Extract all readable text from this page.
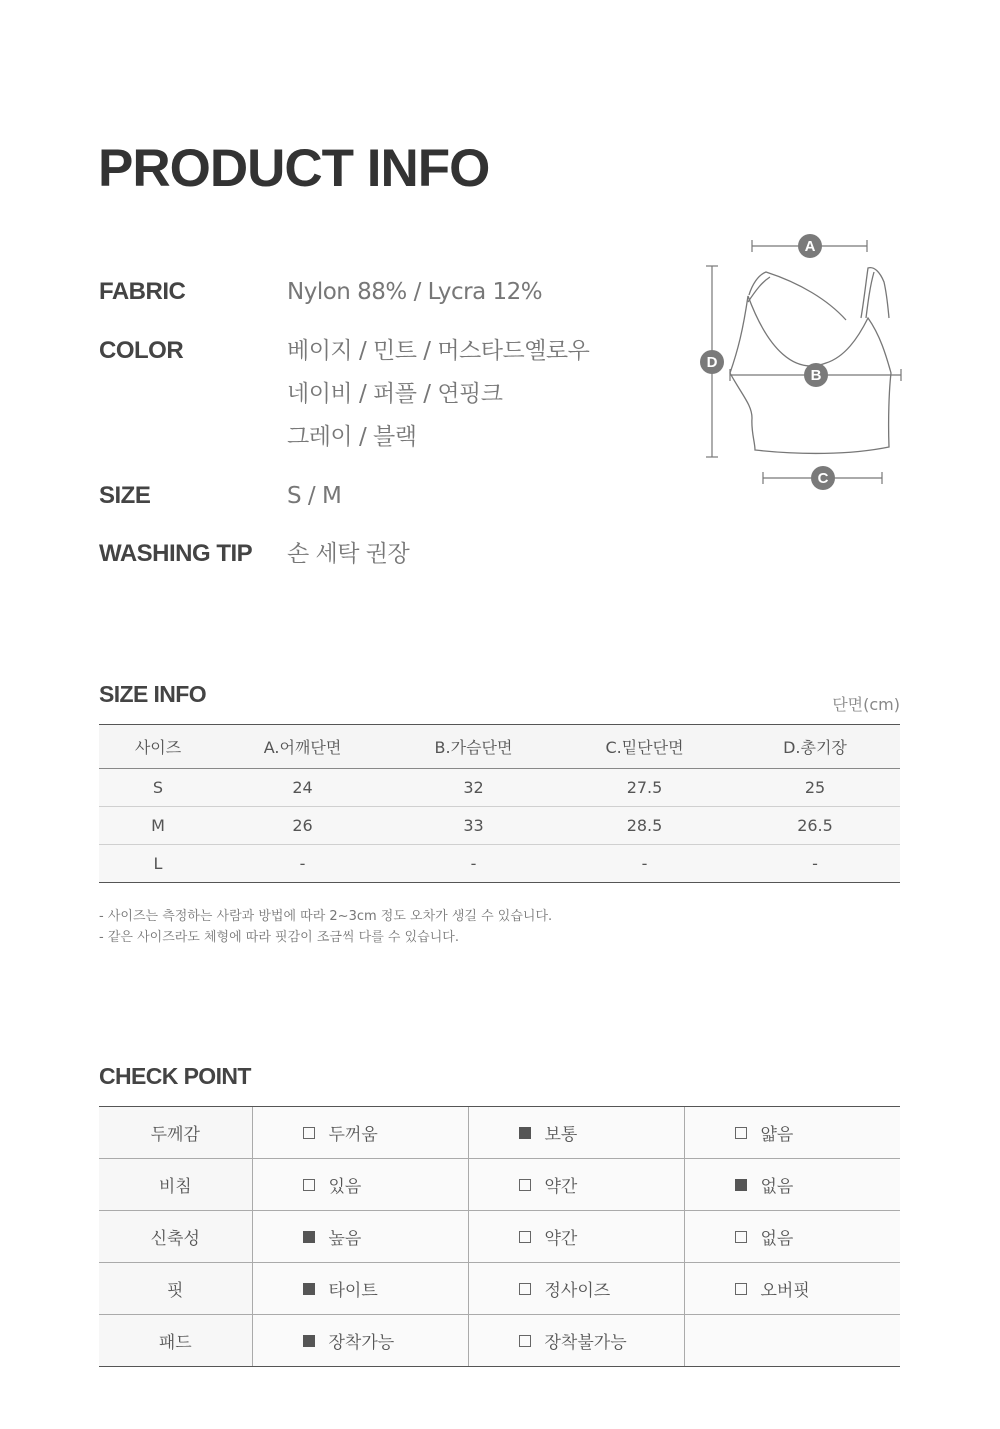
PRODUCT INFO
FABRIC	Nylon 88% / Lycra 12%
COLOR	베이지 / 민트 / 머스타드옐로우
네이비 / 퍼플 / 연핑크
그레이 / 블랙
SIZE	S / M
WASHING TIP 손 세탁 권장
A
B
C
D
SIZE INFO	단면(cm)
사이즈	A.어깨단면	B.가슴단면	C.밑단단면	D.총기장
S	24	32	27.5	25
M	26	33	28.5	26.5
L	-	-	-	-
- 사이즈는 측정하는 사람과 방법에 따라 2~3cm 정도 오차가 생길 수 있습니다.
- 같은 사이즈라도 체형에 따라 핏감이 조금씩 다를 수 있습니다.
CHECK POINT
두께감	두꺼움	보통	얇음
비침	있음	약간	없음
신축성	높음	약간	없음
핏	타이트	정사이즈	오버핏
패드	장착가능	장착불가능	
